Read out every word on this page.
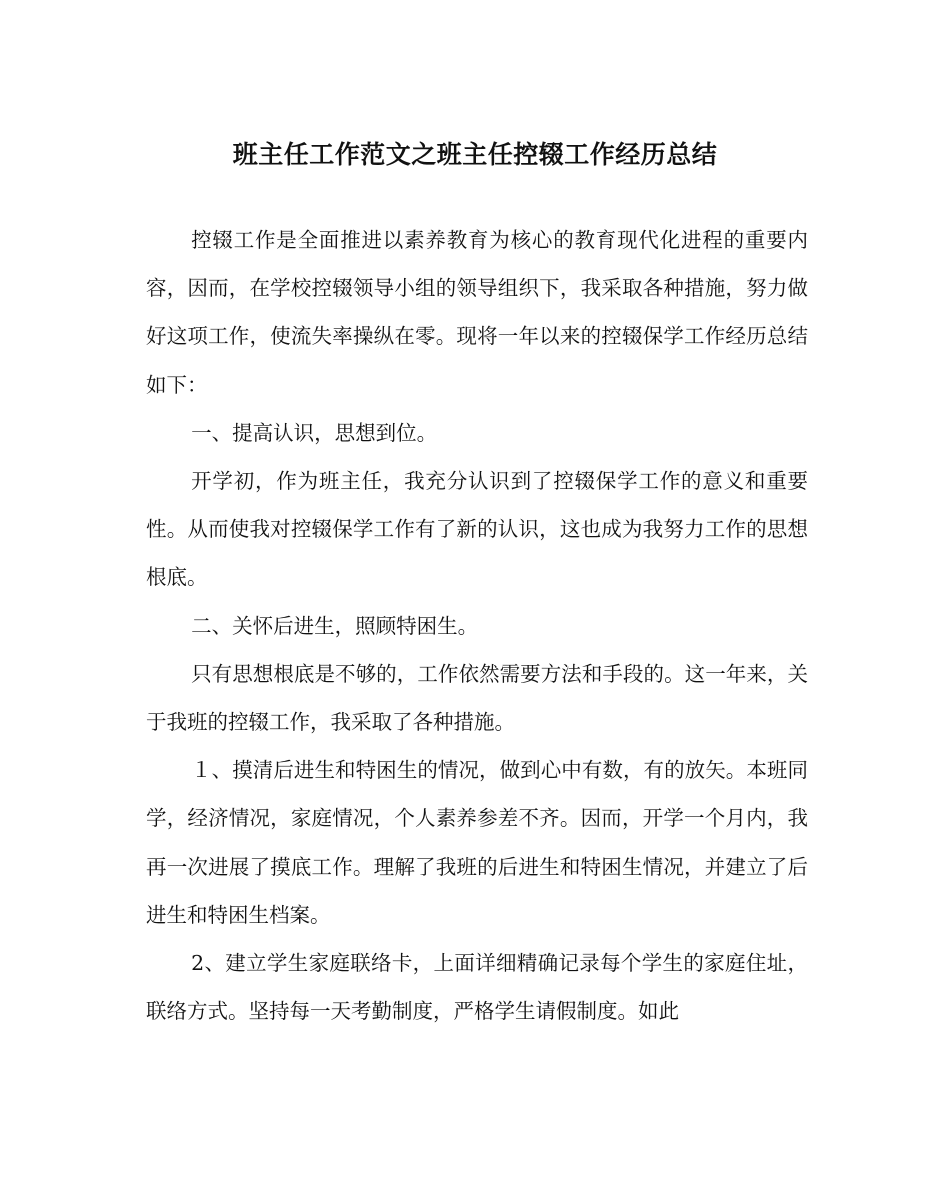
班主任工作范文之班主任控辍工作经历总结

控辍工作是全面推进以素养教育为核心的教育现代化进程的重要内容，因而，在学校控辍领导小组的领导组织下，我采取各种措施，努力做好这项工作，使流失率操纵在零。现将一年以来的控辍保学工作经历总结如下：

一、提高认识，思想到位。

开学初，作为班主任，我充分认识到了控辍保学工作的意义和重要性。从而使我对控辍保学工作有了新的认识，这也成为我努力工作的思想根底。

二、关怀后进生，照顾特困生。

只有思想根底是不够的，工作依然需要方法和手段的。这一年来，关于我班的控辍工作，我采取了各种措施。

１、摸清后进生和特困生的情况，做到心中有数，有的放矢。本班同学，经济情况，家庭情况，个人素养参差不齐。因而，开学一个月内，我再一次进展了摸底工作。理解了我班的后进生和特困生情况，并建立了后进生和特困生档案。

2、建立学生家庭联络卡，上面详细精确记录每个学生的家庭住址，联络方式。坚持每一天考勤制度，严格学生请假制度。如此
